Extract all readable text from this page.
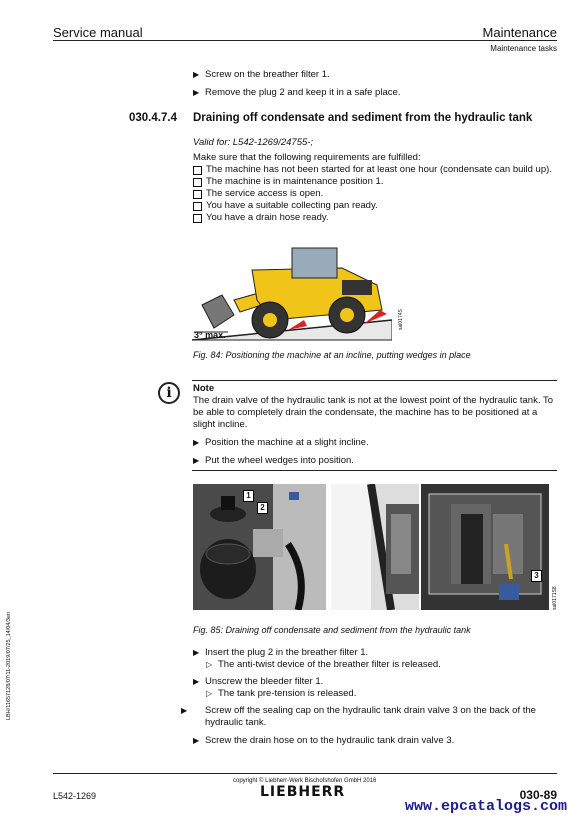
Service manual	Maintenance
Maintenance tasks
▶ Screw on the breather filter 1.
▶ Remove the plug 2 and keep it in a safe place.
030.4.7.4 Draining off condensate and sediment from the hydraulic tank
Valid for: L542-1269/24755-;
Make sure that the following requirements are fulfilled:
The machine has not been started for at least one hour (condensate can build up).
The machine is in maintenance position 1.
The service access is open.
You have a suitable collecting pan ready.
You have a drain hose ready.
3° max.
sal0174S
Fig. 84: Positioning the machine at an incline, putting wedges in place
i	Note
The drain valve of the hydraulic tank is not at the lowest point of the hydraulic tank. To be able to completely drain the condensate, the machine has to be positioned at a slight incline.
▶ Position the machine at a slight incline.
▶ Put the wheel wedges into position.
1
2
3
sal0171S8
Fig. 85: Draining off condensate and sediment from the hydraulic tank
▶ Insert the plug 2 in the breather filter 1.
▷ The anti-twist device of the breather filter is released.
▶ Unscrew the bleeder filter 1.
▷ The tank pre-tension is released.
▶ Screw off the sealing cap on the hydraulic tank drain valve 3 on the back of the hydraulic tank.
▶ Screw the drain hose on to the hydraulic tank drain valve 3.
LBH/11657128/07/11-2019/07/25_14/04/3en
copyright © Liebherr-Werk Bischofshofen GmbH 2016
L542-1269	LIEBHERR	030-89
www.epcatalogs.com
